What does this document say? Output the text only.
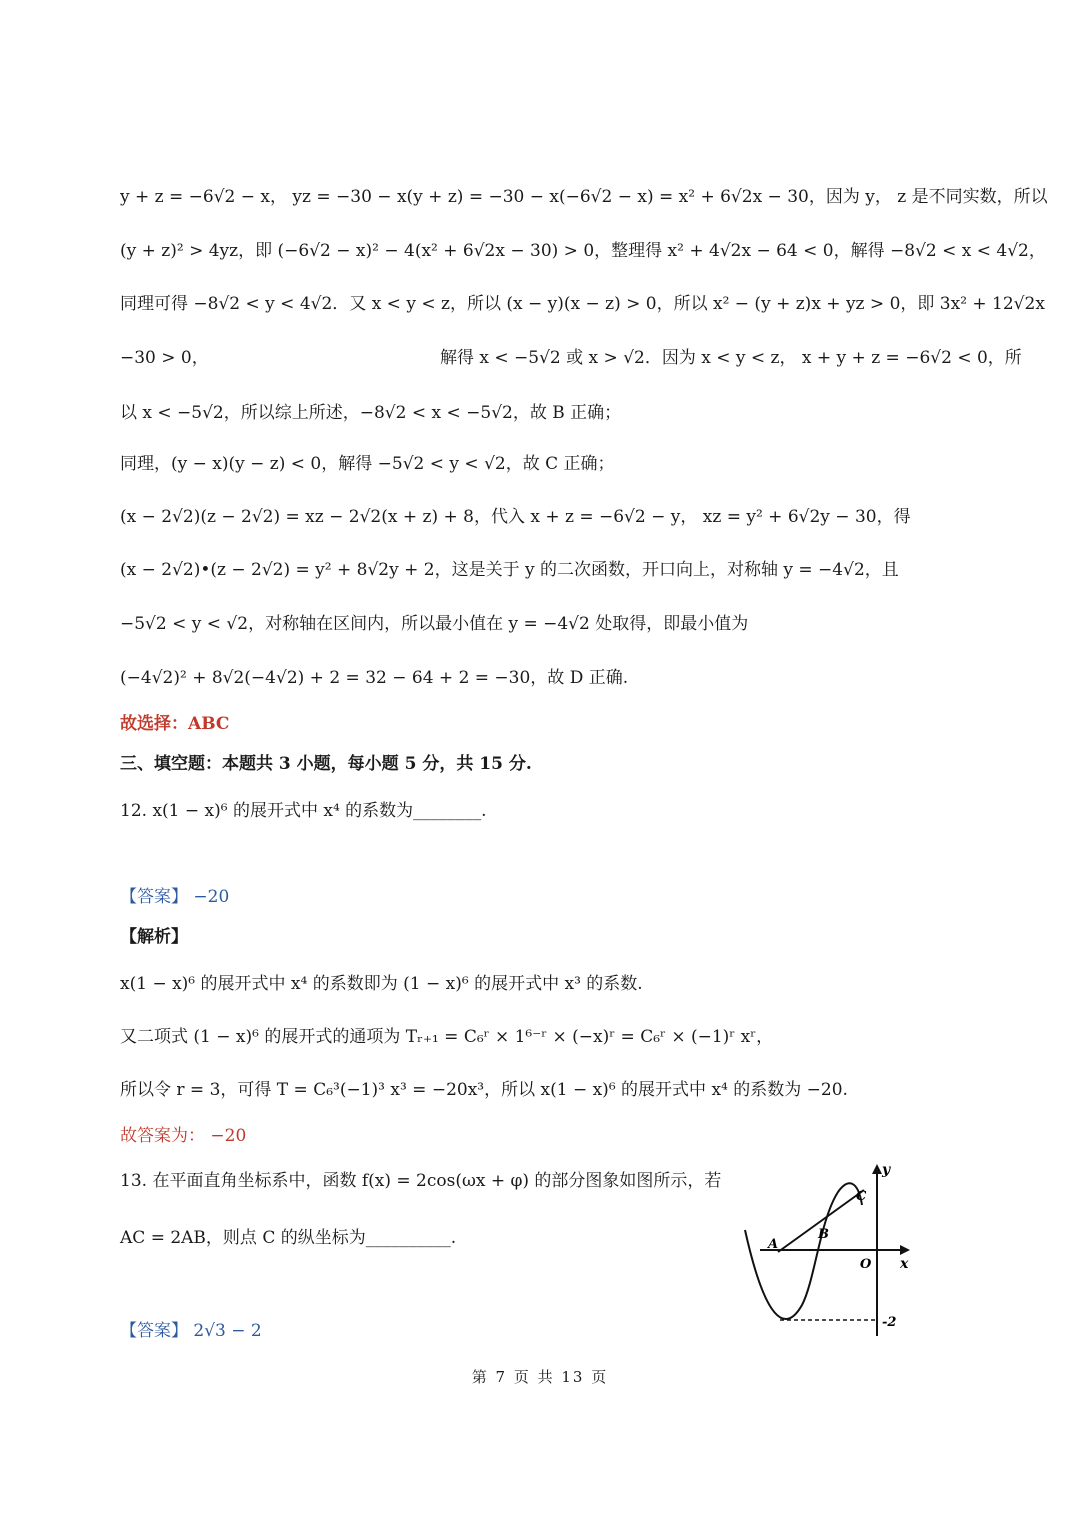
y + z = −6√2 − x， yz = −30 − x(y + z) = −30 − x(−6√2 − x) = x² + 6√2x − 30，因为 y， z 是不同实数，所以
(y + z)² > 4yz，即 (−6√2 − x)² − 4(x² + 6√2x − 30) > 0，整理得 x² + 4√2x − 64 < 0，解得 −8√2 < x < 4√2，
同理可得 −8√2 < y < 4√2．又 x < y < z，所以 (x − y)(x − z) > 0，所以 x² − (y + z)x + yz > 0，即 3x² + 12√2x
−30 > 0，	解得 x < −5√2 或 x > √2．因为 x < y < z， x + y + z = −6√2 < 0，所
以 x < −5√2，所以综上所述，−8√2 < x < −5√2，故 B 正确；
同理，(y − x)(y − z) < 0，解得 −5√2 < y < √2，故 C 正确；
(x − 2√2)(z − 2√2) = xz − 2√2(x + z) + 8，代入 x + z = −6√2 − y， xz = y² + 6√2y − 30，得
(x − 2√2)•(z − 2√2) = y² + 8√2y + 2，这是关于 y 的二次函数，开口向上，对称轴 y = −4√2，且
−5√2 < y < √2，对称轴在区间内，所以最小值在 y = −4√2 处取得，即最小值为
(−4√2)² + 8√2(−4√2) + 2 = 32 − 64 + 2 = −30，故 D 正确.
故选择：ABC
三、填空题：本题共 3 小题，每小题 5 分，共 15 分.
12. x(1 − x)⁶ 的展开式中 x⁴ 的系数为________.
【答案】 −20
【解析】
x(1 − x)⁶ 的展开式中 x⁴ 的系数即为 (1 − x)⁶ 的展开式中 x³ 的系数.
又二项式 (1 − x)⁶ 的展开式的通项为 Tᵣ₊₁ = C₆ʳ × 1⁶⁻ʳ × (−x)ʳ = C₆ʳ × (−1)ʳ xʳ，
所以令 r = 3，可得 T = C₆³(−1)³ x³ = −20x³，所以 x(1 − x)⁶ 的展开式中 x⁴ 的系数为 −20.
故答案为： −20
13. 在平面直角坐标系中，函数 f(x) = 2cos(ωx + φ) 的部分图象如图所示，若
AC = 2AB，则点 C 的纵坐标为__________.
【答案】 2√3 − 2
y
x
O
A
B
C
-2
第 7 页 共 13 页
